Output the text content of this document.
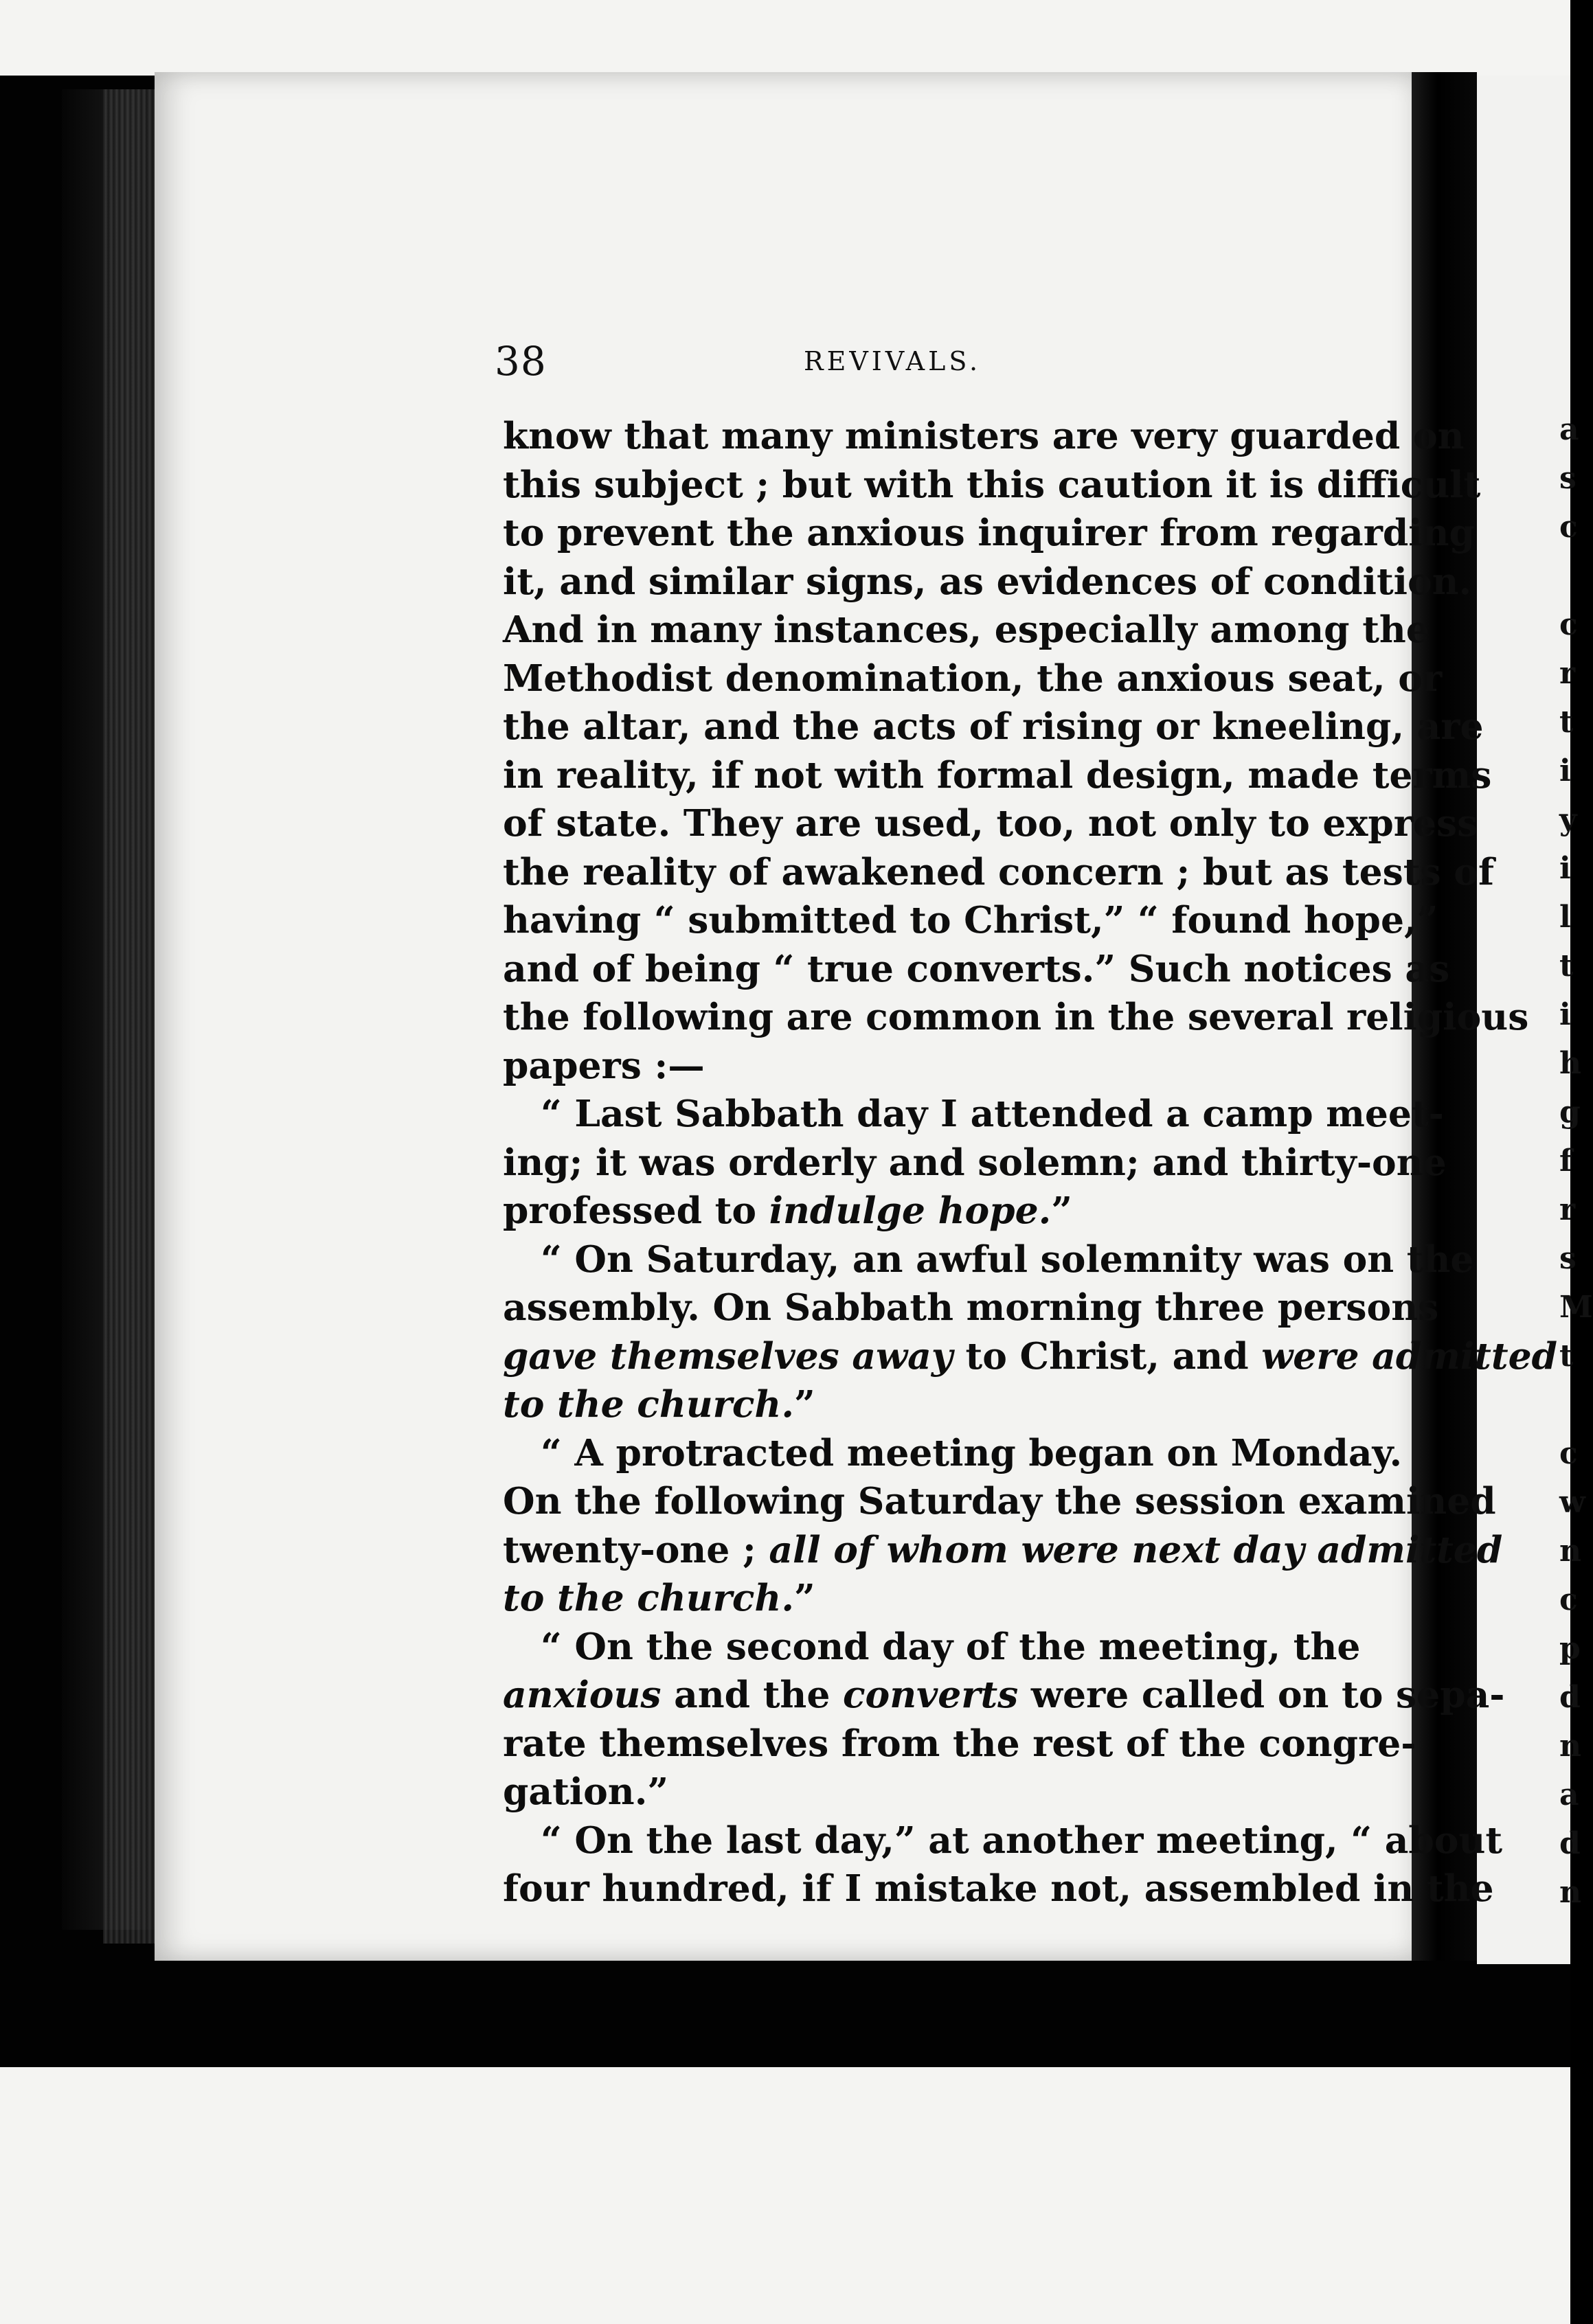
a
s
c

c
r
t
i
y
i
l
t
i
h
g
f
r
s
M
t

c
w
n
c
p
d
n
a
d
n
38	REVIVALS.
know that many ministers are very guarded on
this subject ; but with this caution it is difficult
to prevent the anxious inquirer from regarding
it, and similar signs, as evidences of condition.
And in many instances, especially among the
Methodist denomination, the anxious seat, or
the altar, and the acts of rising or kneeling, are
in reality, if not with formal design, made terms
of state. They are used, too, not only to express
the reality of awakened concern ; but as tests of
having “ submitted to Christ,” “ found hope,”
and of being “ true converts.” Such notices as
the following are common in the several religious
papers :—
“ Last Sabbath day I attended a camp meet-
ing; it was orderly and solemn; and thirty-one
professed to indulge hope.”
“ On Saturday, an awful solemnity was on the
assembly. On Sabbath morning three persons
gave themselves away to Christ, and were admitted
to the church.”
“ A protracted meeting began on Monday.
On the following Saturday the session examined
twenty-one ; all of whom were next day admitted
to the church.”
“ On the second day of the meeting, the
anxious and the converts were called on to sepa-
rate themselves from the rest of the congre-
gation.”
“ On the last day,” at another meeting, “ about
four hundred, if I mistake not, assembled in the
